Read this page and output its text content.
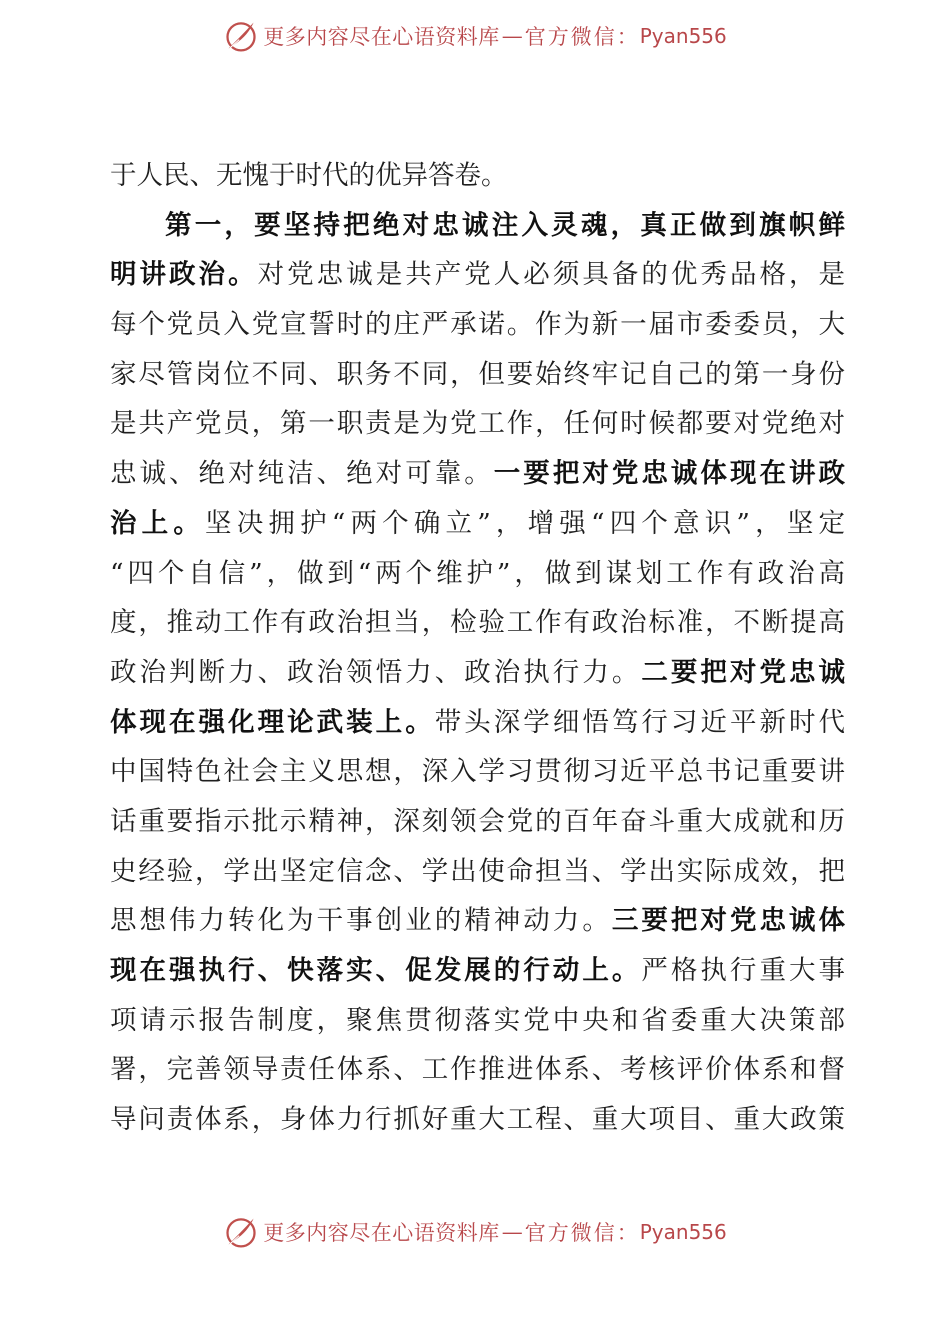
更多内容尽在心语资料库 — 官方微信： Pyan556
于人民、无愧于时代的优异答卷。
第一，要坚持把绝对忠诚注入灵魂，真正做到旗帜鲜
明讲政治。对党忠诚是共产党人必须具备的优秀品格，是
每个党员入党宣誓时的庄严承诺。作为新一届市委委员，大
家尽管岗位不同、职务不同，但要始终牢记自己的第一身份
是共产党员，第一职责是为党工作，任何时候都要对党绝对
忠诚、绝对纯洁、绝对可靠。一要把对党忠诚体现在讲政
治上。坚决拥护“两个确立”，增强“四个意识”，坚定
“四个自信”，做到“两个维护”，做到谋划工作有政治高
度，推动工作有政治担当，检验工作有政治标准，不断提高
政治判断力、政治领悟力、政治执行力。二要把对党忠诚
体现在强化理论武装上。带头深学细悟笃行习近平新时代
中国特色社会主义思想，深入学习贯彻习近平总书记重要讲
话重要指示批示精神，深刻领会党的百年奋斗重大成就和历
史经验，学出坚定信念、学出使命担当、学出实际成效，把
思想伟力转化为干事创业的精神动力。三要把对党忠诚体
现在强执行、快落实、促发展的行动上。严格执行重大事
项请示报告制度，聚焦贯彻落实党中央和省委重大决策部
署，完善领导责任体系、工作推进体系、考核评价体系和督
导问责体系，身体力行抓好重大工程、重大项目、重大政策
更多内容尽在心语资料库 — 官方微信： Pyan556
